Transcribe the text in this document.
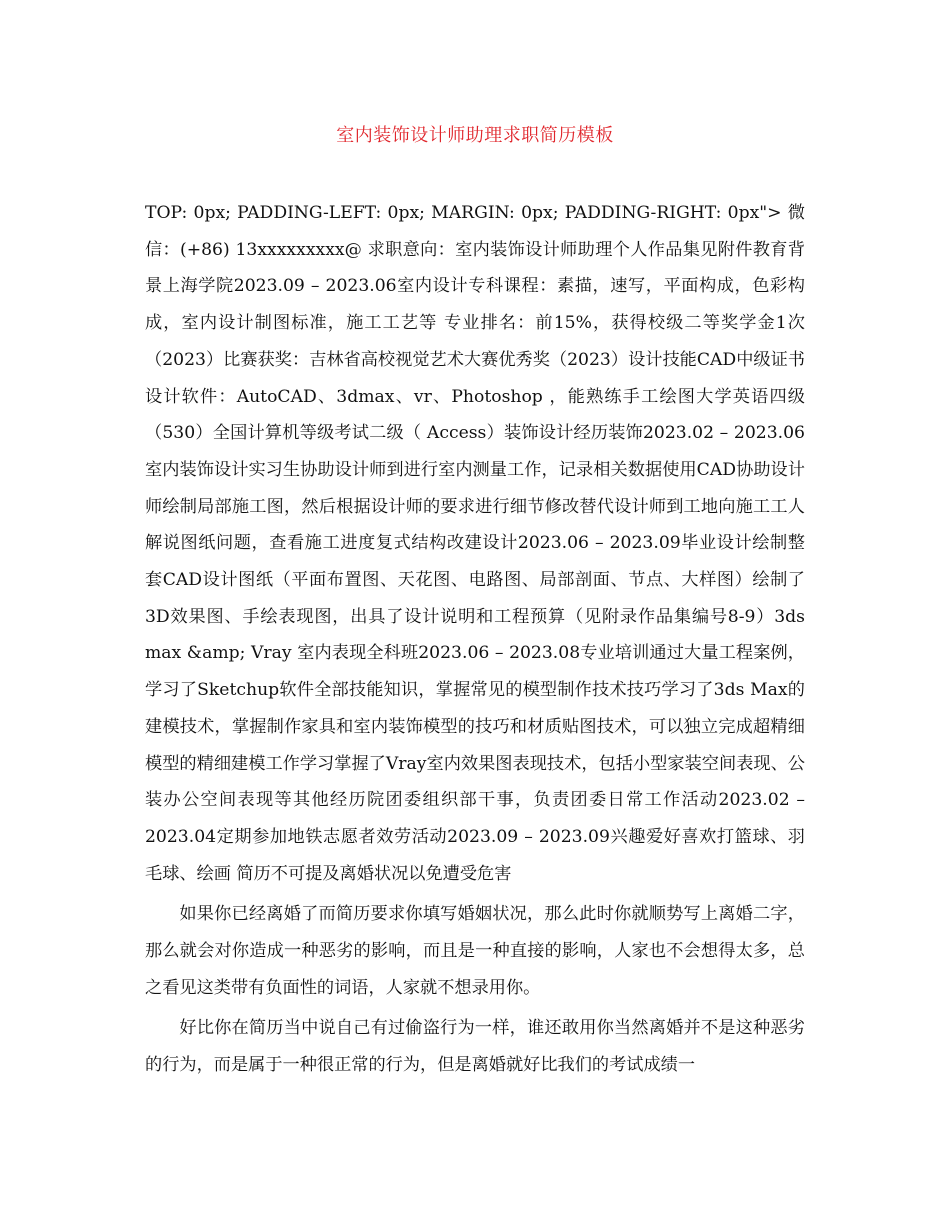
室内装饰设计师助理求职简历模板

TOP: 0px; PADDING-LEFT: 0px; MARGIN: 0px; PADDING-RIGHT: 0px"> 微信：(+86) 13xxxxxxxxx@ 求职意向：室内装饰设计师助理个人作品集见附件教育背景上海学院2023.09 – 2023.06室内设计专科课程：素描，速写，平面构成，色彩构成，室内设计制图标准，施工工艺等 专业排名：前15%，获得校级二等奖学金1次 （2023）比赛获奖：吉林省高校视觉艺术大赛优秀奖（2023）设计技能CAD中级证书设计软件：AutoCAD、3dmax、vr、Photoshop ，能熟练手工绘图大学英语四级 （530）全国计算机等级考试二级（ Access）装饰设计经历装饰2023.02 – 2023.06室内装饰设计实习生协助设计师到进行室内测量工作，记录相关数据使用CAD协助设计师绘制局部施工图，然后根据设计师的要求进行细节修改替代设计师到工地向施工工人解说图纸问题，查看施工进度复式结构改建设计2023.06 – 2023.09毕业设计绘制整套CAD设计图纸（平面布置图、天花图、电路图、局部剖面、节点、大样图）绘制了3D效果图、手绘表现图，出具了设计说明和工程预算（见附录作品集编号8-9）3ds max &amp; Vray 室内表现全科班2023.06 – 2023.08专业培训通过大量工程案例，学习了Sketchup软件全部技能知识，掌握常见的模型制作技术技巧学习了3ds Max的建模技术，掌握制作家具和室内装饰模型的技巧和材质贴图技术，可以独立完成超精细模型的精细建模工作学习掌握了Vray室内效果图表现技术，包括小型家装空间表现、公装办公空间表现等其他经历院团委组织部干事，负责团委日常工作活动2023.02 – 2023.04定期参加地铁志愿者效劳活动2023.09 – 2023.09兴趣爱好喜欢打篮球、羽毛球、绘画 简历不可提及离婚状况以免遭受危害

如果你已经离婚了而简历要求你填写婚姻状况，那么此时你就顺势写上离婚二字，那么就会对你造成一种恶劣的影响，而且是一种直接的影响，人家也不会想得太多，总之看见这类带有负面性的词语，人家就不想录用你。

好比你在简历当中说自己有过偷盗行为一样，谁还敢用你当然离婚并不是这种恶劣的行为，而是属于一种很正常的行为，但是离婚就好比我们的考试成绩一
